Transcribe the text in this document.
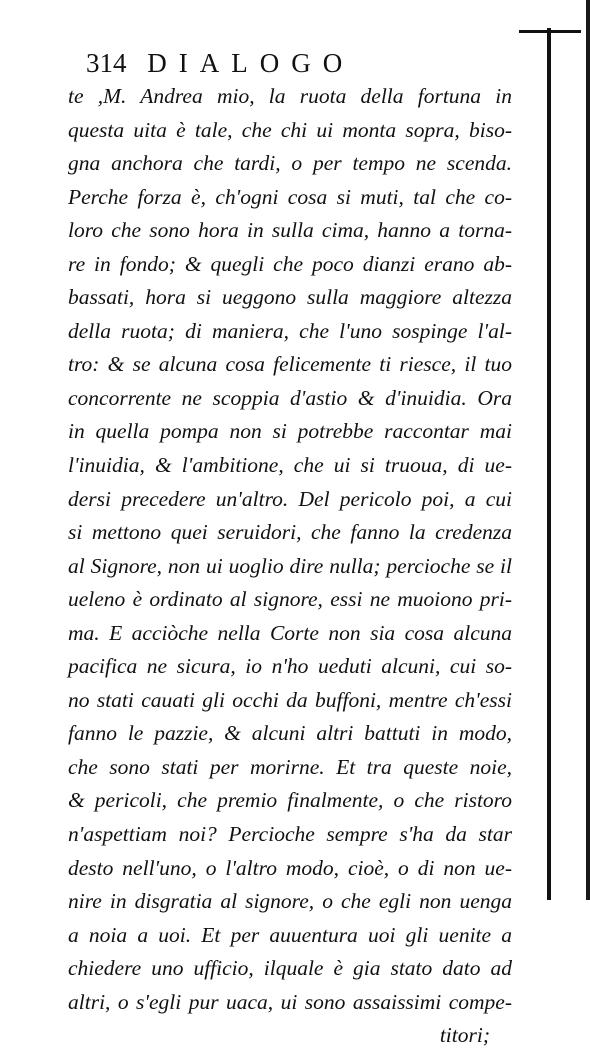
314 DIALOGO
te ,M. Andrea mio, la ruota della fortuna in
questa uita è tale, che chi ui monta sopra, biso-
gna anchora che tardi, o per tempo ne scenda.
Perche forza è, ch'ogni cosa si muti, tal che co-
loro che sono hora in sulla cima, hanno a torna-
re in fondo; & quegli che poco dianzi erano ab-
bassati, hora si ueggono sulla maggiore altezza
della ruota; di maniera, che l'uno sospinge l'al-
tro: & se alcuna cosa felicemente ti riesce, il tuo
concorrente ne scoppia d'astio & d'inuidia. Ora
in quella pompa non si potrebbe raccontar mai
l'inuidia, & l'ambitione, che ui si truoua, di ue-
dersi precedere un'altro. Del pericolo poi, a cui
si mettono quei seruidori, che fanno la credenza
al Signore, non ui uoglio dire nulla; percioche se il
ueleno è ordinato al signore, essi ne muoiono pri-
ma. E acciòche nella Corte non sia cosa alcuna
pacifica ne sicura, io n'ho ueduti alcuni, cui so-
no stati cauati gli occhi da buffoni, mentre ch'essi
fanno le pazzie, & alcuni altri battuti in modo,
che sono stati per morirne. Et tra queste noie,
& pericoli, che premio finalmente, o che ristoro
n'aspettiam noi? Percioche sempre s'ha da star
desto nell'uno, o l'altro modo, cioè, o di non ue-
nire in disgratia al signore, o che egli non uenga
a noia a uoi. Et per auuentura uoi gli uenite a
chiedere uno ufficio, ilquale è gia stato dato ad
altri, o s'egli pur uaca, ui sono assaissimi compe-
titori;
